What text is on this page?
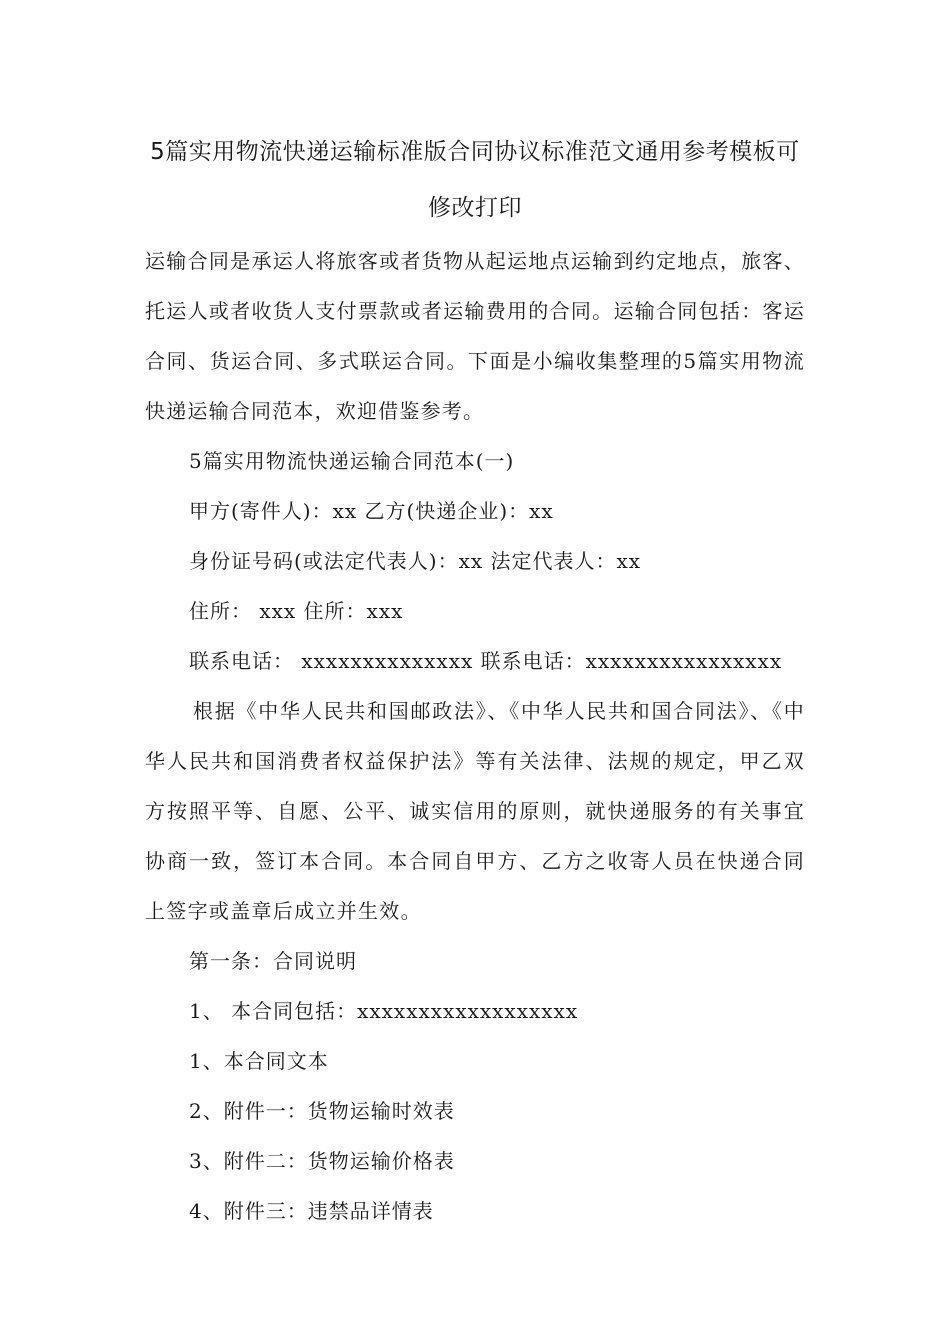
5篇实用物流快递运输标准版合同协议标准范文通用参考模板可修改打印

运输合同是承运人将旅客或者货物从起运地点运输到约定地点，旅客、托运人或者收货人支付票款或者运输费用的合同。运输合同包括：客运合同、货运合同、多式联运合同。下面是小编收集整理的5篇实用物流快递运输合同范本，欢迎借鉴参考。

5篇实用物流快递运输合同范本(一)

甲方(寄件人)：xx 乙方(快递企业)：xx

身份证号码(或法定代表人)：xx 法定代表人：xx

住所： xxx 住所：xxx

联系电话： xxxxxxxxxxxxxx 联系电话：xxxxxxxxxxxxxxxx

根据《中华人民共和国邮政法》、《中华人民共和国合同法》、《中华人民共和国消费者权益保护法》等有关法律、法规的规定，甲乙双方按照平等、自愿、公平、诚实信用的原则，就快递服务的有关事宜协商一致，签订本合同。本合同自甲方、乙方之收寄人员在快递合同上签字或盖章后成立并生效。

第一条：合同说明

1、 本合同包括：xxxxxxxxxxxxxxxxxx

1、本合同文本

2、附件一：货物运输时效表

3、附件二：货物运输价格表

4、附件三：违禁品详情表
